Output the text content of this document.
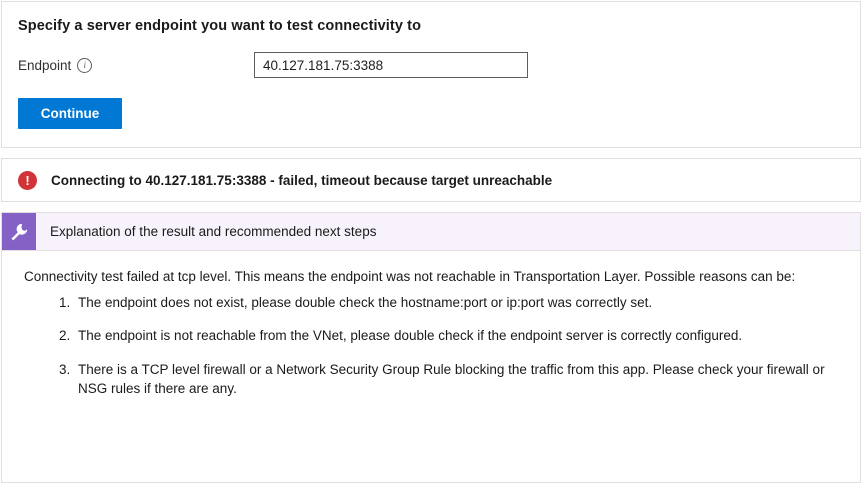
Specify a server endpoint you want to test connectivity to
Endpoint	i
40.127.181.75:3388
Continue
!	Connecting to 40.127.181.75:3388 - failed, timeout because target unreachable
Explanation of the result and recommended next steps

Connectivity test failed at tcp level. This means the endpoint was not reachable in Transportation Layer. Possible reasons can be:

1. The endpoint does not exist, please double check the hostname:port or ip:port was correctly set.
2. The endpoint is not reachable from the VNet, please double check if the endpoint server is correctly configured.
3. There is a TCP level firewall or a Network Security Group Rule blocking the traffic from this app. Please check your firewall or NSG rules if there are any.
